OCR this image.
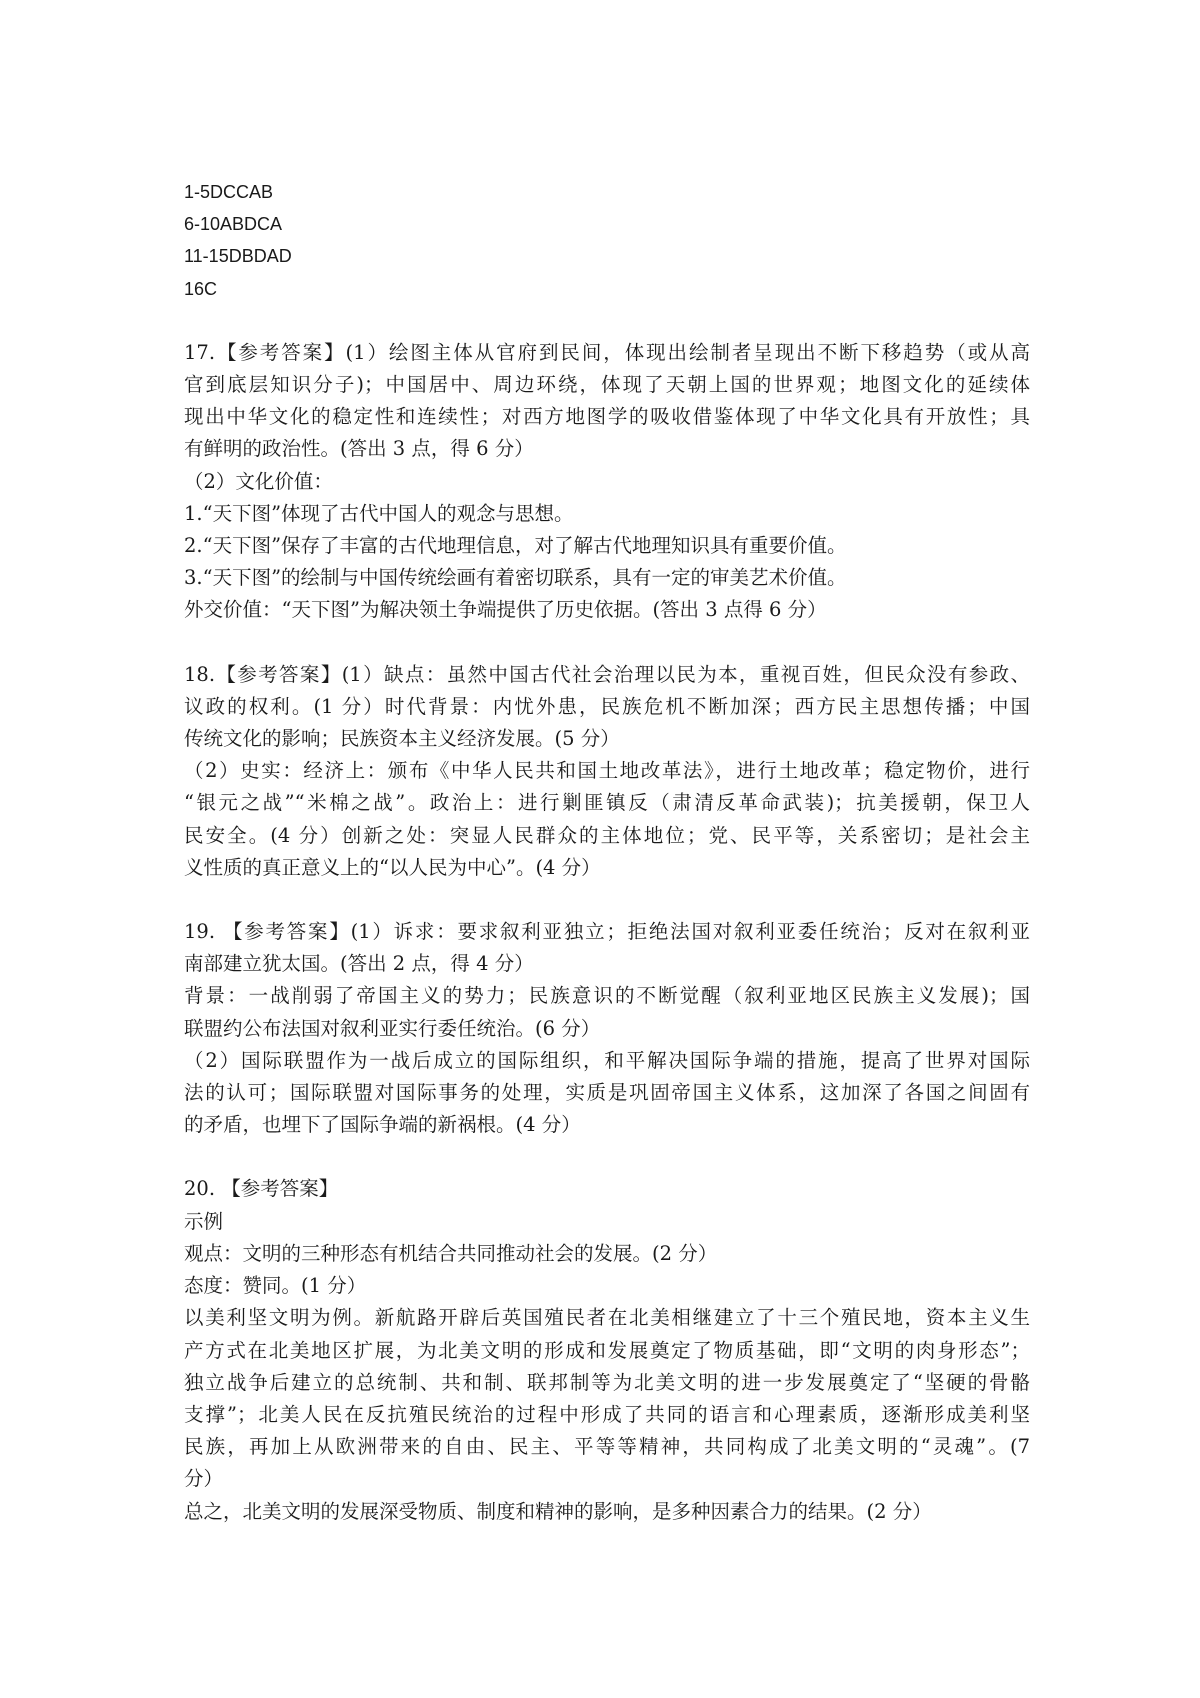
1-5DCCAB
6-10ABDCA
11-15DBDAD
16C
17.【参考答案】(1）绘图主体从官府到民间，体现出绘制者呈现出不断下移趋势（或从高
官到底层知识分子)；中国居中、周边环绕，体现了天朝上国的世界观；地图文化的延续体
现出中华文化的稳定性和连续性；对西方地图学的吸收借鉴体现了中华文化具有开放性；具
有鲜明的政治性。(答出 3 点，得 6 分）
（2）文化价值：
1.“天下图”体现了古代中国人的观念与思想。
2.“天下图”保存了丰富的古代地理信息，对了解古代地理知识具有重要价值。
3.“天下图”的绘制与中国传统绘画有着密切联系，具有一定的审美艺术价值。
外交价值：“天下图”为解决领土争端提供了历史依据。(答出 3 点得 6 分）
18.【参考答案】(1）缺点：虽然中国古代社会治理以民为本，重视百姓，但民众没有参政、
议政的权利。(1 分）时代背景：内忧外患，民族危机不断加深；西方民主思想传播；中国
传统文化的影响；民族资本主义经济发展。(5 分）
（2）史实：经济上：颁布《中华人民共和国土地改革法》，进行土地改革；稳定物价，进行
“银元之战”“米棉之战”。政治上：进行剿匪镇反（肃清反革命武装)；抗美援朝，保卫人
民安全。(4 分）创新之处：突显人民群众的主体地位；党、民平等，关系密切；是社会主
义性质的真正意义上的“以人民为中心”。(4 分）
19. 【参考答案】(1）诉求：要求叙利亚独立；拒绝法国对叙利亚委任统治；反对在叙利亚
南部建立犹太国。(答出 2 点，得 4 分）
背景：一战削弱了帝国主义的势力；民族意识的不断觉醒（叙利亚地区民族主义发展)；国
联盟约公布法国对叙利亚实行委任统治。(6 分）
（2）国际联盟作为一战后成立的国际组织，和平解决国际争端的措施，提高了世界对国际
法的认可；国际联盟对国际事务的处理，实质是巩固帝国主义体系，这加深了各国之间固有
的矛盾，也埋下了国际争端的新祸根。(4 分）
20. 【参考答案】
示例
观点：文明的三种形态有机结合共同推动社会的发展。(2 分）
态度：赞同。(1 分）
以美利坚文明为例。新航路开辟后英国殖民者在北美相继建立了十三个殖民地，资本主义生
产方式在北美地区扩展，为北美文明的形成和发展奠定了物质基础，即“文明的肉身形态”；
独立战争后建立的总统制、共和制、联邦制等为北美文明的进一步发展奠定了“坚硬的骨骼
支撑”；北美人民在反抗殖民统治的过程中形成了共同的语言和心理素质，逐渐形成美利坚
民族，再加上从欧洲带来的自由、民主、平等等精神，共同构成了北美文明的“灵魂”。(7
分）
总之，北美文明的发展深受物质、制度和精神的影响，是多种因素合力的结果。(2 分）
